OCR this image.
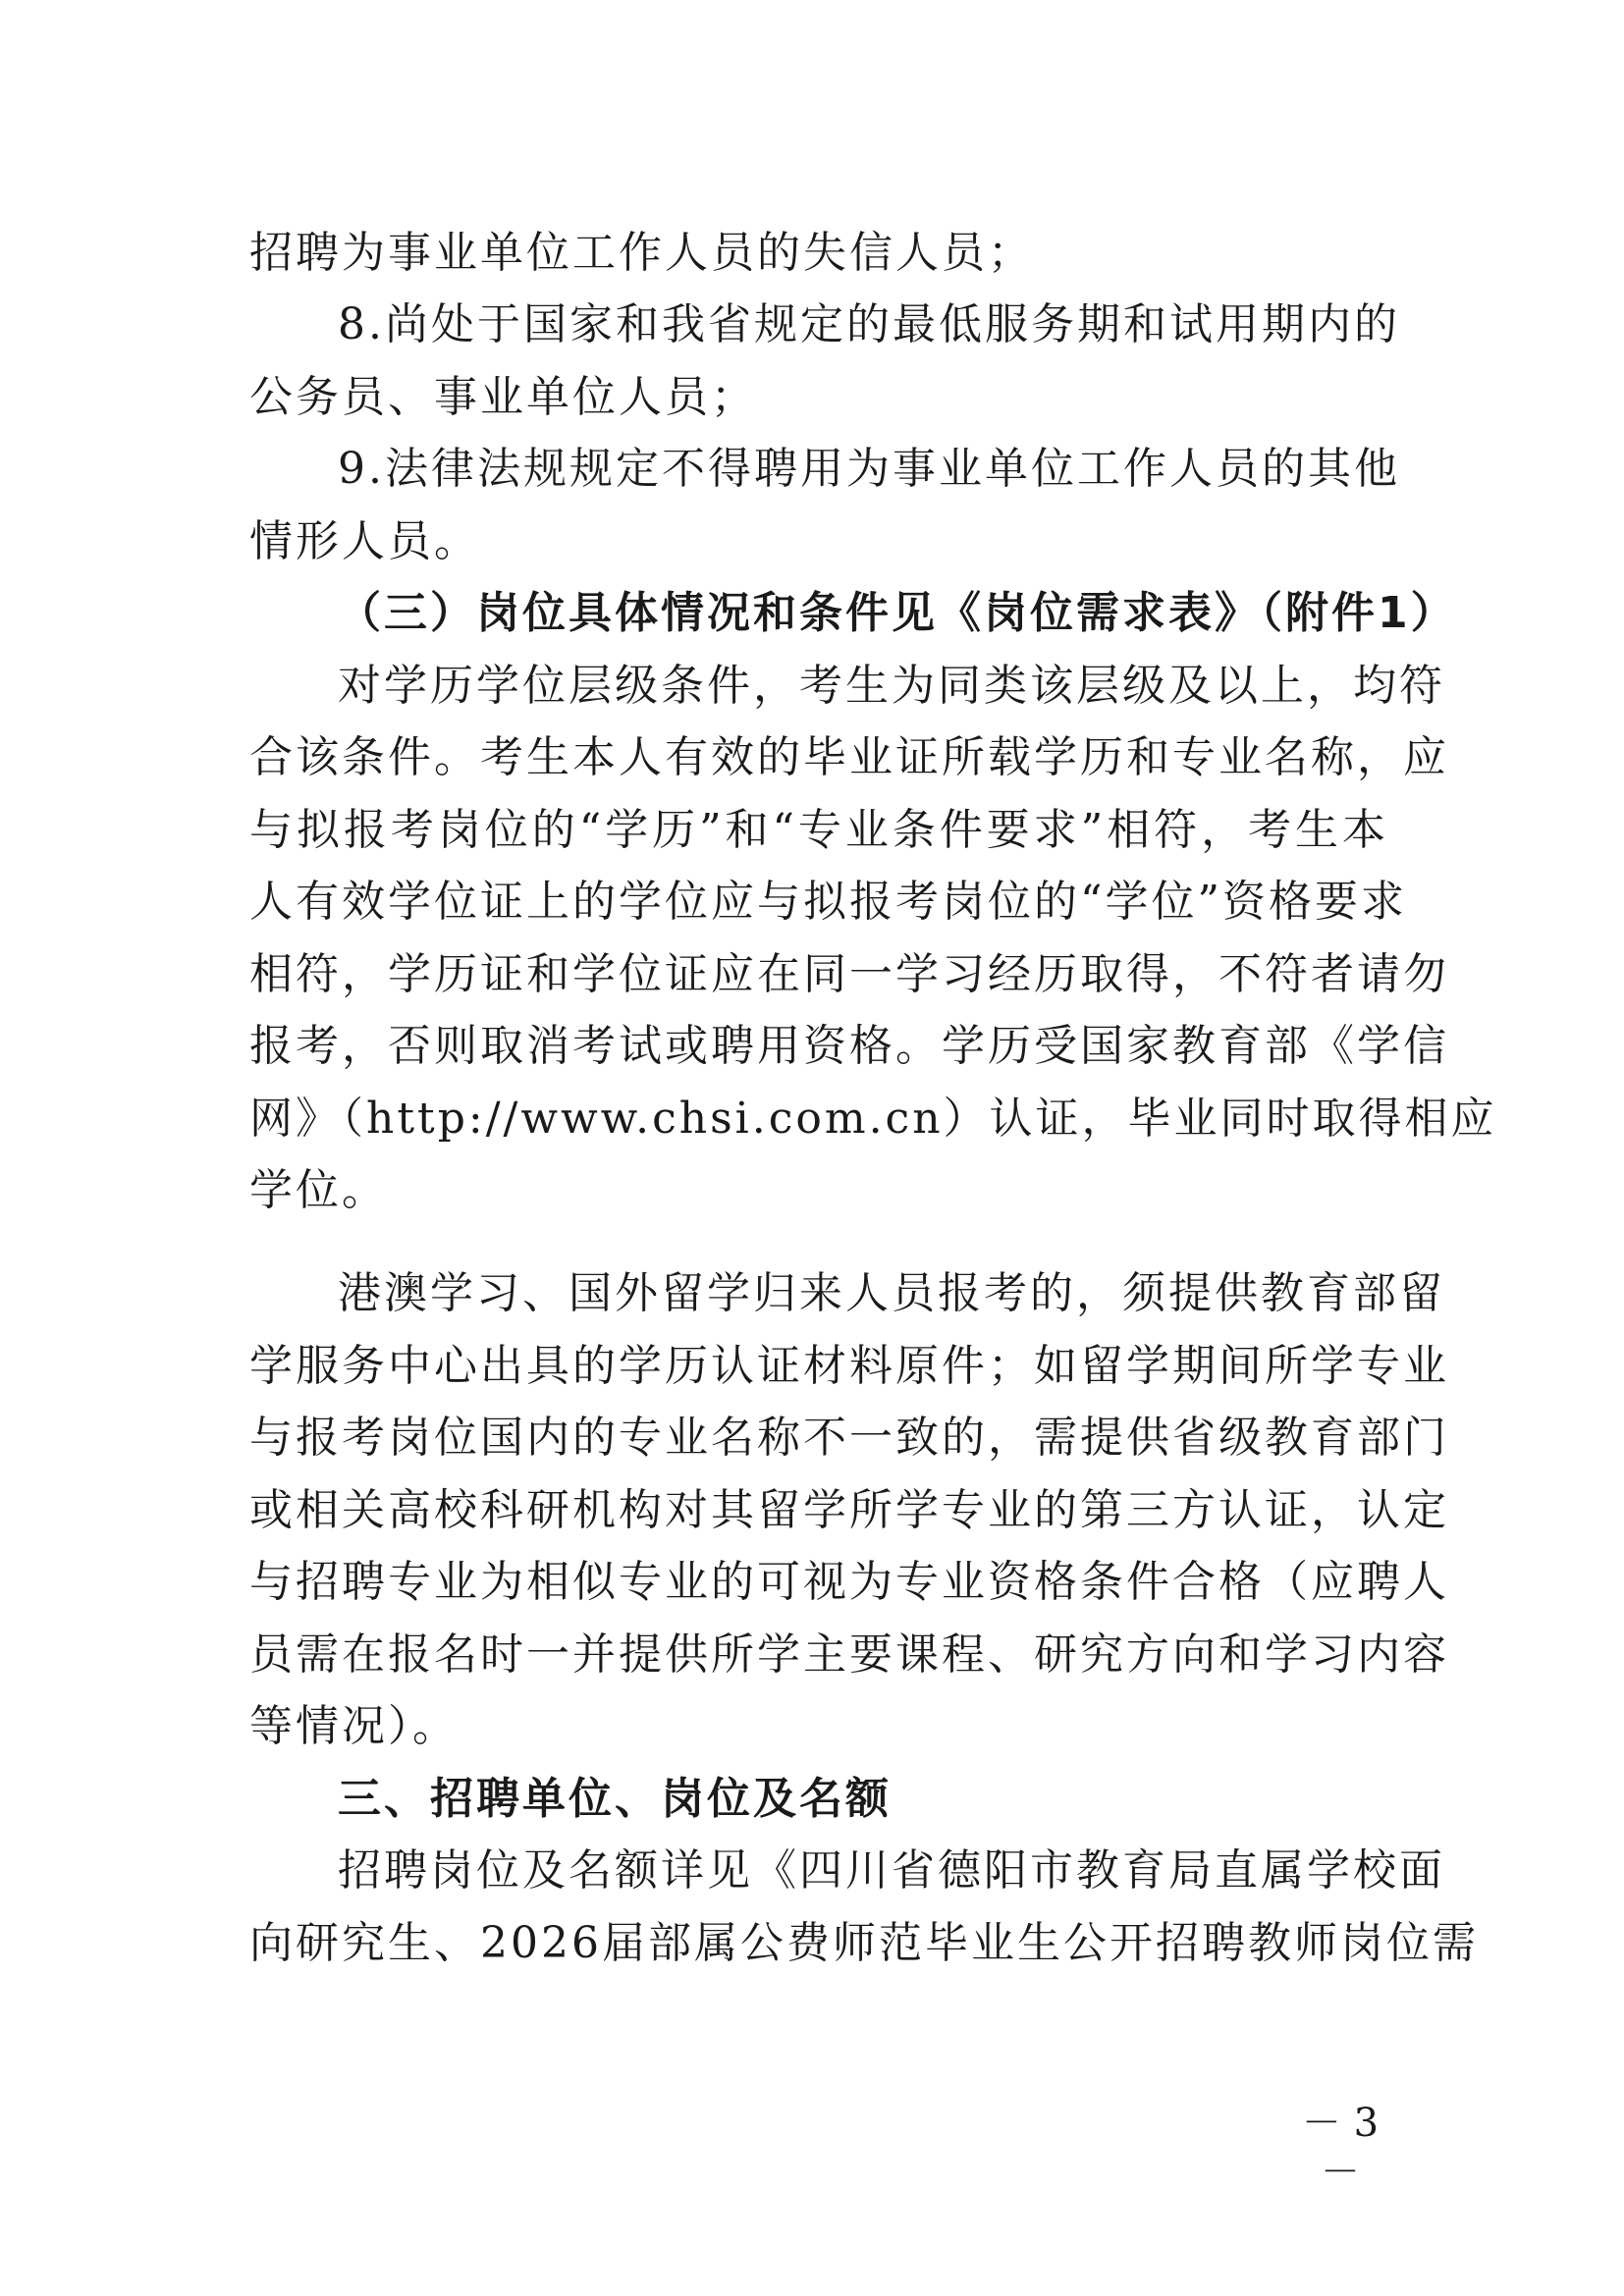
招聘为事业单位工作人员的失信人员；
8.尚处于国家和我省规定的最低服务期和试用期内的
公务员、事业单位人员；
9.法律法规规定不得聘用为事业单位工作人员的其他
情形人员。
（三）岗位具体情况和条件见《岗位需求表》（附件1）
对学历学位层级条件，考生为同类该层级及以上，均符
合该条件。考生本人有效的毕业证所载学历和专业名称，应
与拟报考岗位的“学历”和“专业条件要求”相符，考生本
人有效学位证上的学位应与拟报考岗位的“学位”资格要求
相符，学历证和学位证应在同一学习经历取得，不符者请勿
报考，否则取消考试或聘用资格。学历受国家教育部《学信
网》（http://www.chsi.com.cn）认证，毕业同时取得相应
学位。
港澳学习、国外留学归来人员报考的，须提供教育部留
学服务中心出具的学历认证材料原件；如留学期间所学专业
与报考岗位国内的专业名称不一致的，需提供省级教育部门
或相关高校科研机构对其留学所学专业的第三方认证，认定
与招聘专业为相似专业的可视为专业资格条件合格（应聘人
员需在报名时一并提供所学主要课程、研究方向和学习内容
等情况）。
三、招聘单位、岗位及名额
招聘岗位及名额详见《四川省德阳市教育局直属学校面
向研究生、2026届部属公费师范毕业生公开招聘教师岗位需
－ 3 －
